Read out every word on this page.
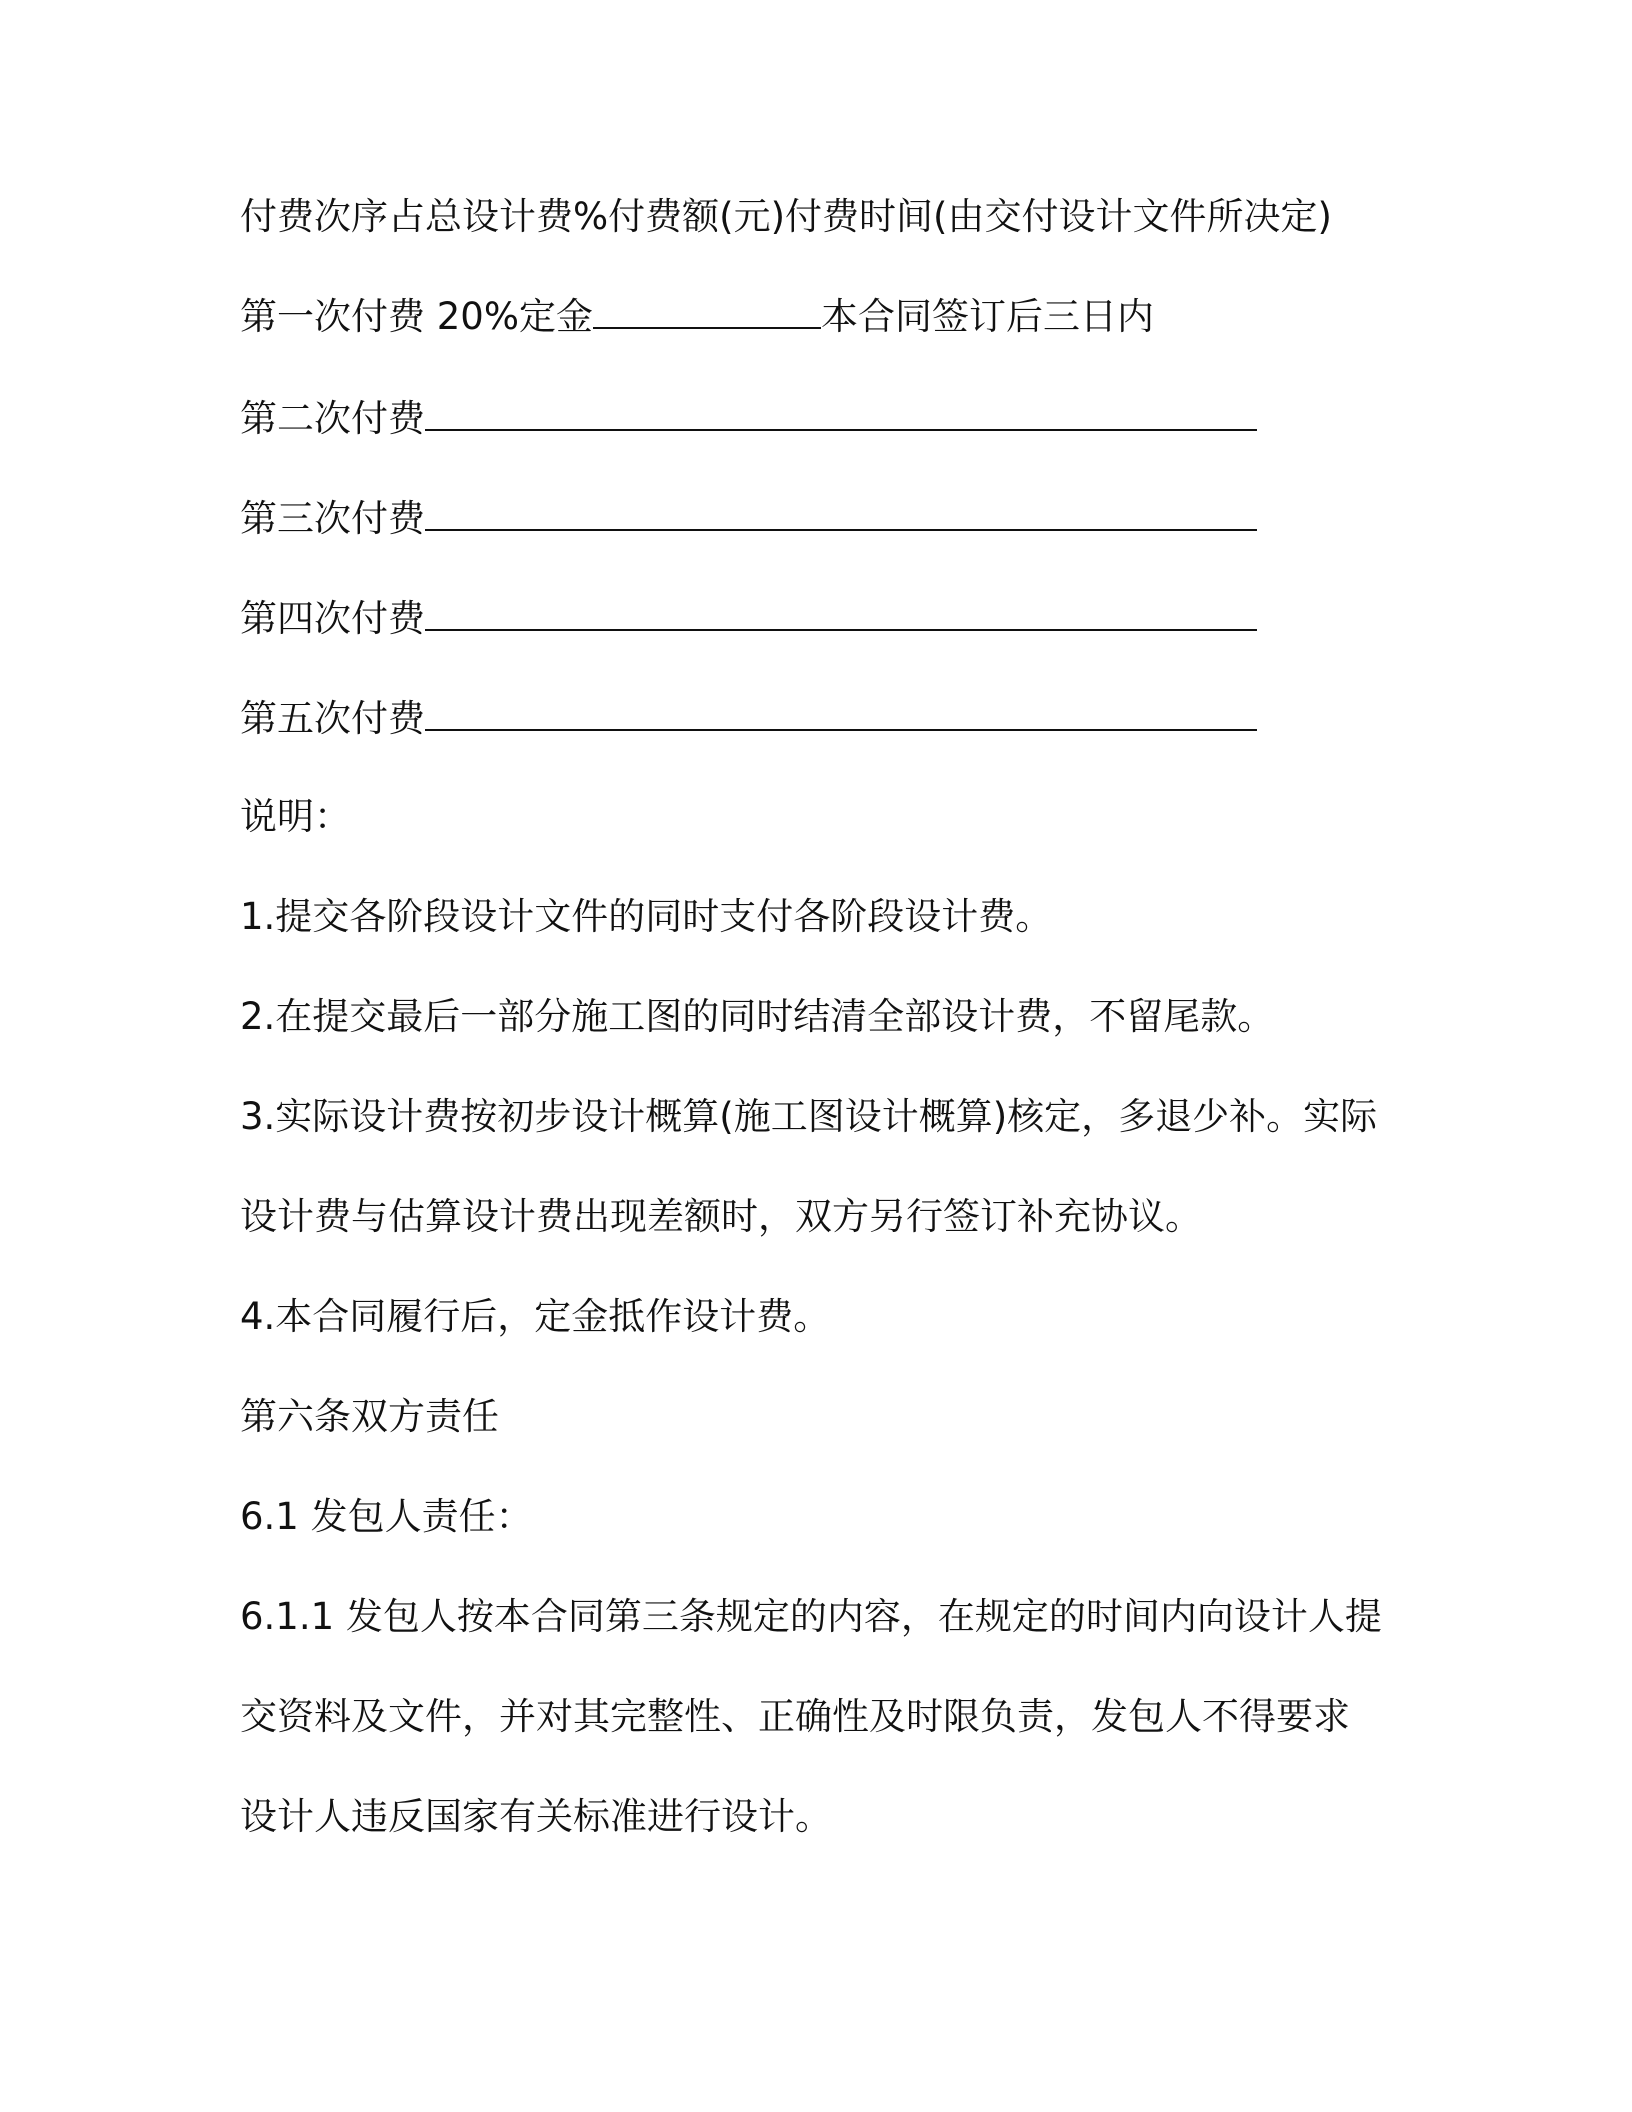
付费次序占总设计费%付费额(元)付费时间(由交付设计文件所决定)
第一次付费 20%定金	本合同签订后三日内
第二次付费
第三次付费
第四次付费
第五次付费
说明：
1.提交各阶段设计文件的同时支付各阶段设计费。
2.在提交最后一部分施工图的同时结清全部设计费，不留尾款。
3.实际设计费按初步设计概算(施工图设计概算)核定，多退少补。实际
设计费与估算设计费出现差额时，双方另行签订补充协议。
4.本合同履行后，定金抵作设计费。
第六条双方责任
6.1 发包人责任：
6.1.1 发包人按本合同第三条规定的内容，在规定的时间内向设计人提
交资料及文件，并对其完整性、正确性及时限负责，发包人不得要求
设计人违反国家有关标准进行设计。
